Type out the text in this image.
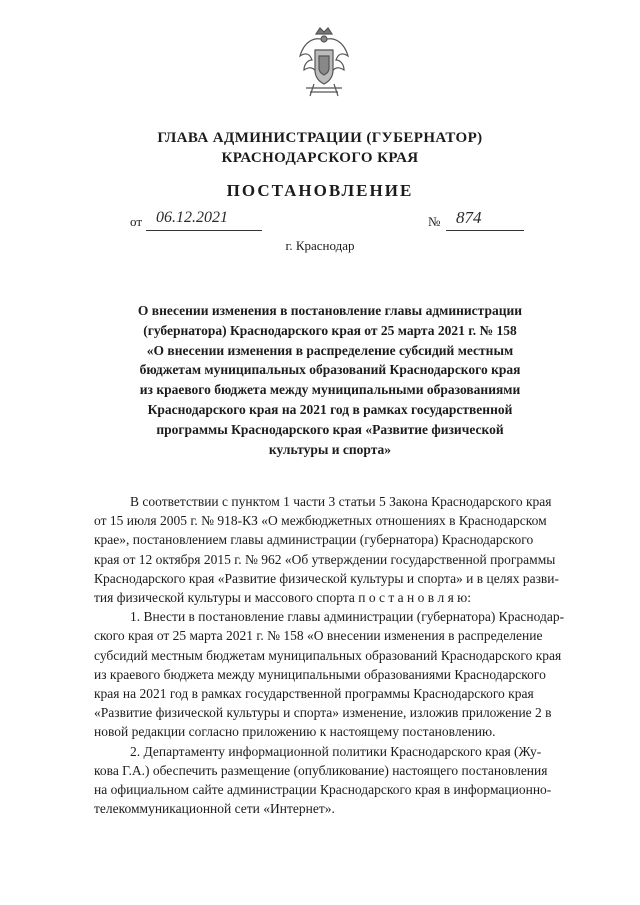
ГЛАВА АДМИНИСТРАЦИИ (ГУБЕРНАТОР)
КРАСНОДАРСКОГО КРАЯ
ПОСТАНОВЛЕНИЕ
от 06.12.2021	№ 874
г. Краснодар
О внесении изменения в постановление главы администрации
(губернатора) Краснодарского края от 25 марта 2021 г. № 158
«О внесении изменения в распределение субсидий местным
бюджетам муниципальных образований Краснодарского края
из краевого бюджета между муниципальными образованиями
Краснодарского края на 2021 год в рамках государственной
программы Краснодарского края «Развитие физической
культуры и спорта»
В соответствии с пунктом 1 части 3 статьи 5 Закона Краснодарского края
от 15 июля 2005 г. № 918-КЗ «О межбюджетных отношениях в Краснодарском
крае», постановлением главы администрации (губернатора) Краснодарского
края от 12 октября 2015 г. № 962 «Об утверждении государственной программы
Краснодарского края «Развитие физической культуры и спорта» и в целях разви-
тия физической культуры и массового спорта п о с т а н о в л я ю:
1. Внести в постановление главы администрации (губернатора) Краснодар-
ского края от 25 марта 2021 г. № 158 «О внесении изменения в распределение
субсидий местным бюджетам муниципальных образований Краснодарского края
из краевого бюджета между муниципальными образованиями Краснодарского
края на 2021 год в рамках государственной программы Краснодарского края
«Развитие физической культуры и спорта» изменение, изложив приложение 2 в
новой редакции согласно приложению к настоящему постановлению.
2. Департаменту информационной политики Краснодарского края (Жу-
кова Г.А.) обеспечить размещение (опубликование) настоящего постановления
на официальном сайте администрации Краснодарского края в информационно-
телекоммуникационной сети «Интернет».
